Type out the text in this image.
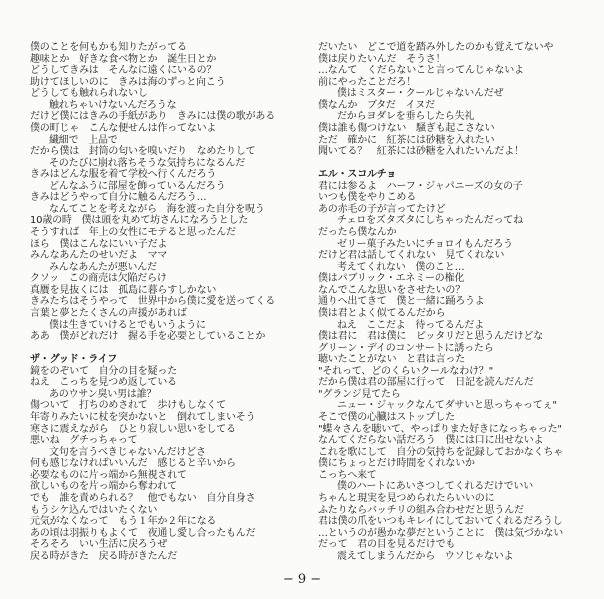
僕のことを何もかも知りたがってる
趣味とか　好きな食べ物とか　誕生日とか
どうしてきみは　そんなに遠くにいるの？
助けてほしいのに　きみは海のずっと向こう
どうしても触れられないし
触れちゃいけないんだろうな
だけど僕にはきみの手紙があり　きみには僕の歌がある
僕の町じゃ　こんな便せんは作ってないよ
繊細で　上品で
だから僕は　封筒の匂いを嗅いだり　なめたりして
そのたびに崩れ落ちそうな気持ちになるんだ
きみはどんな服を着て学校へ行くんだろう
どんなふうに部屋を飾っているんだろう
きみはどうやって自分に触るんだろう…
なんてことを考えながら　海を渡った自分を呪う
10歳の時　僕は頭を丸めて坊さんになろうとした
そうすれば　年上の女性にモテると思ったんだ
ほら　僕はこんなにいい子だよ
みんなあんたのせいだよ　ママ
みんなあんたが悪いんだ
クソッ　この商売は欠陥だらけ
真贋を見抜くには　孤島に暮らすしかない
きみたちはそうやって　世界中から僕に愛を送ってくる
言葉と夢とたくさんの声援があれば
僕は生きていけるとでもいうように
ああ　僕がどれだけ　握る手を必要としていることか
ザ・グッド・ライフ
鏡をのぞいて　自分の目を疑った
ねえ　こっちを見つめ返している
あのウサン臭い男は誰？
傷ついて　打ちのめされて　歩けもしなくて
年寄りみたいに杖を突かないと　倒れてしまいそう
寒さに震えながら　ひとり寂しい思いをしてる
悪いね　グチっちゃって
文句を言うべきじゃないんだけどさ
何も感じなければいいんだ　感じると辛いから
必要なものに片っ端から無視されて
欲しいものを片っ端から奪われて
でも　誰を責められる？　他でもない　自分自身さ
もうシケ込んではいたくない
元気がなくなって　もう１年か２年になる
あの頃は羽振りもよくて　夜通し愛し合ったもんだ
そろそろ　いい生活に戻ろうぜ
戻る時がきた　戻る時がきたんだ
だいたい　どこで道を踏み外したのかも覚えてないや
僕は戻りたいんだ　そうさ！
…なんて　くだらないこと言ってんじゃないよ
前にやったことだろ！
僕はミスター・クールじゃないんだぜ
僕なんか　ブタだ　イヌだ
だからヨダレを垂らしたら失礼
僕は誰も傷つけない　騒ぎも起こさない
ただ　確かに　紅茶には砂糖を入れたい
聞いてる？　紅茶には砂糖を入れたいんだよ！
エル・スコルチョ
君には参るよ　ハーフ・ジャパニーズの女の子
いつも僕をやりこめる
あの赤毛の子が言ってたけど
チェロをズタズタにしちゃったんだってね
だったら僕なんか
ゼリー菓子みたいにチョロイもんだろう
だけど君は話してくれない　見てくれない
考えてくれない　僕のこと…
僕はパブリック・エネミーの権化
なんでこんな思いをさせたいの？
通りへ出てきて　僕と一緒に踊ろうよ
僕は君とよく似てるんだから
ねえ　ここだよ　待ってるんだよ
僕は君に　君は僕に　ピッタリだと思うんだけどな
グリーン・デイのコンサートに誘ったら
聴いたことがない　と君は言った
"それって、どのくらいクールなわけ？"
だから僕は君の部屋に行って　日記を読んだんだ
"グランジ見てたら
ニュー・ジャックなんてダサいと思っちゃってぇ"
そこで僕の心臓はストップした
"蝶々さんを聴いて、やっぱりまた好きになっちゃった"
なんてくだらない話だろう　僕には口に出せないよ
これを歌にして　自分の気持ちを記録しておかなくちゃ
僕にちょっとだけ時間をくれないか
こっちへ来て
僕のハートにあいさつしてくれるだけでいい
ちゃんと現実を見つめられたらいいのに
ふたりならバッチリの組み合わせだと思うんだ
君は僕の爪をいつもキレイにしておいてくれるだろうし
…というのが愚かな夢だということに　僕は気づかない
だって　君の目を見るだけでも
震えてしまうんだから　ウソじゃないよ
− 9 −
